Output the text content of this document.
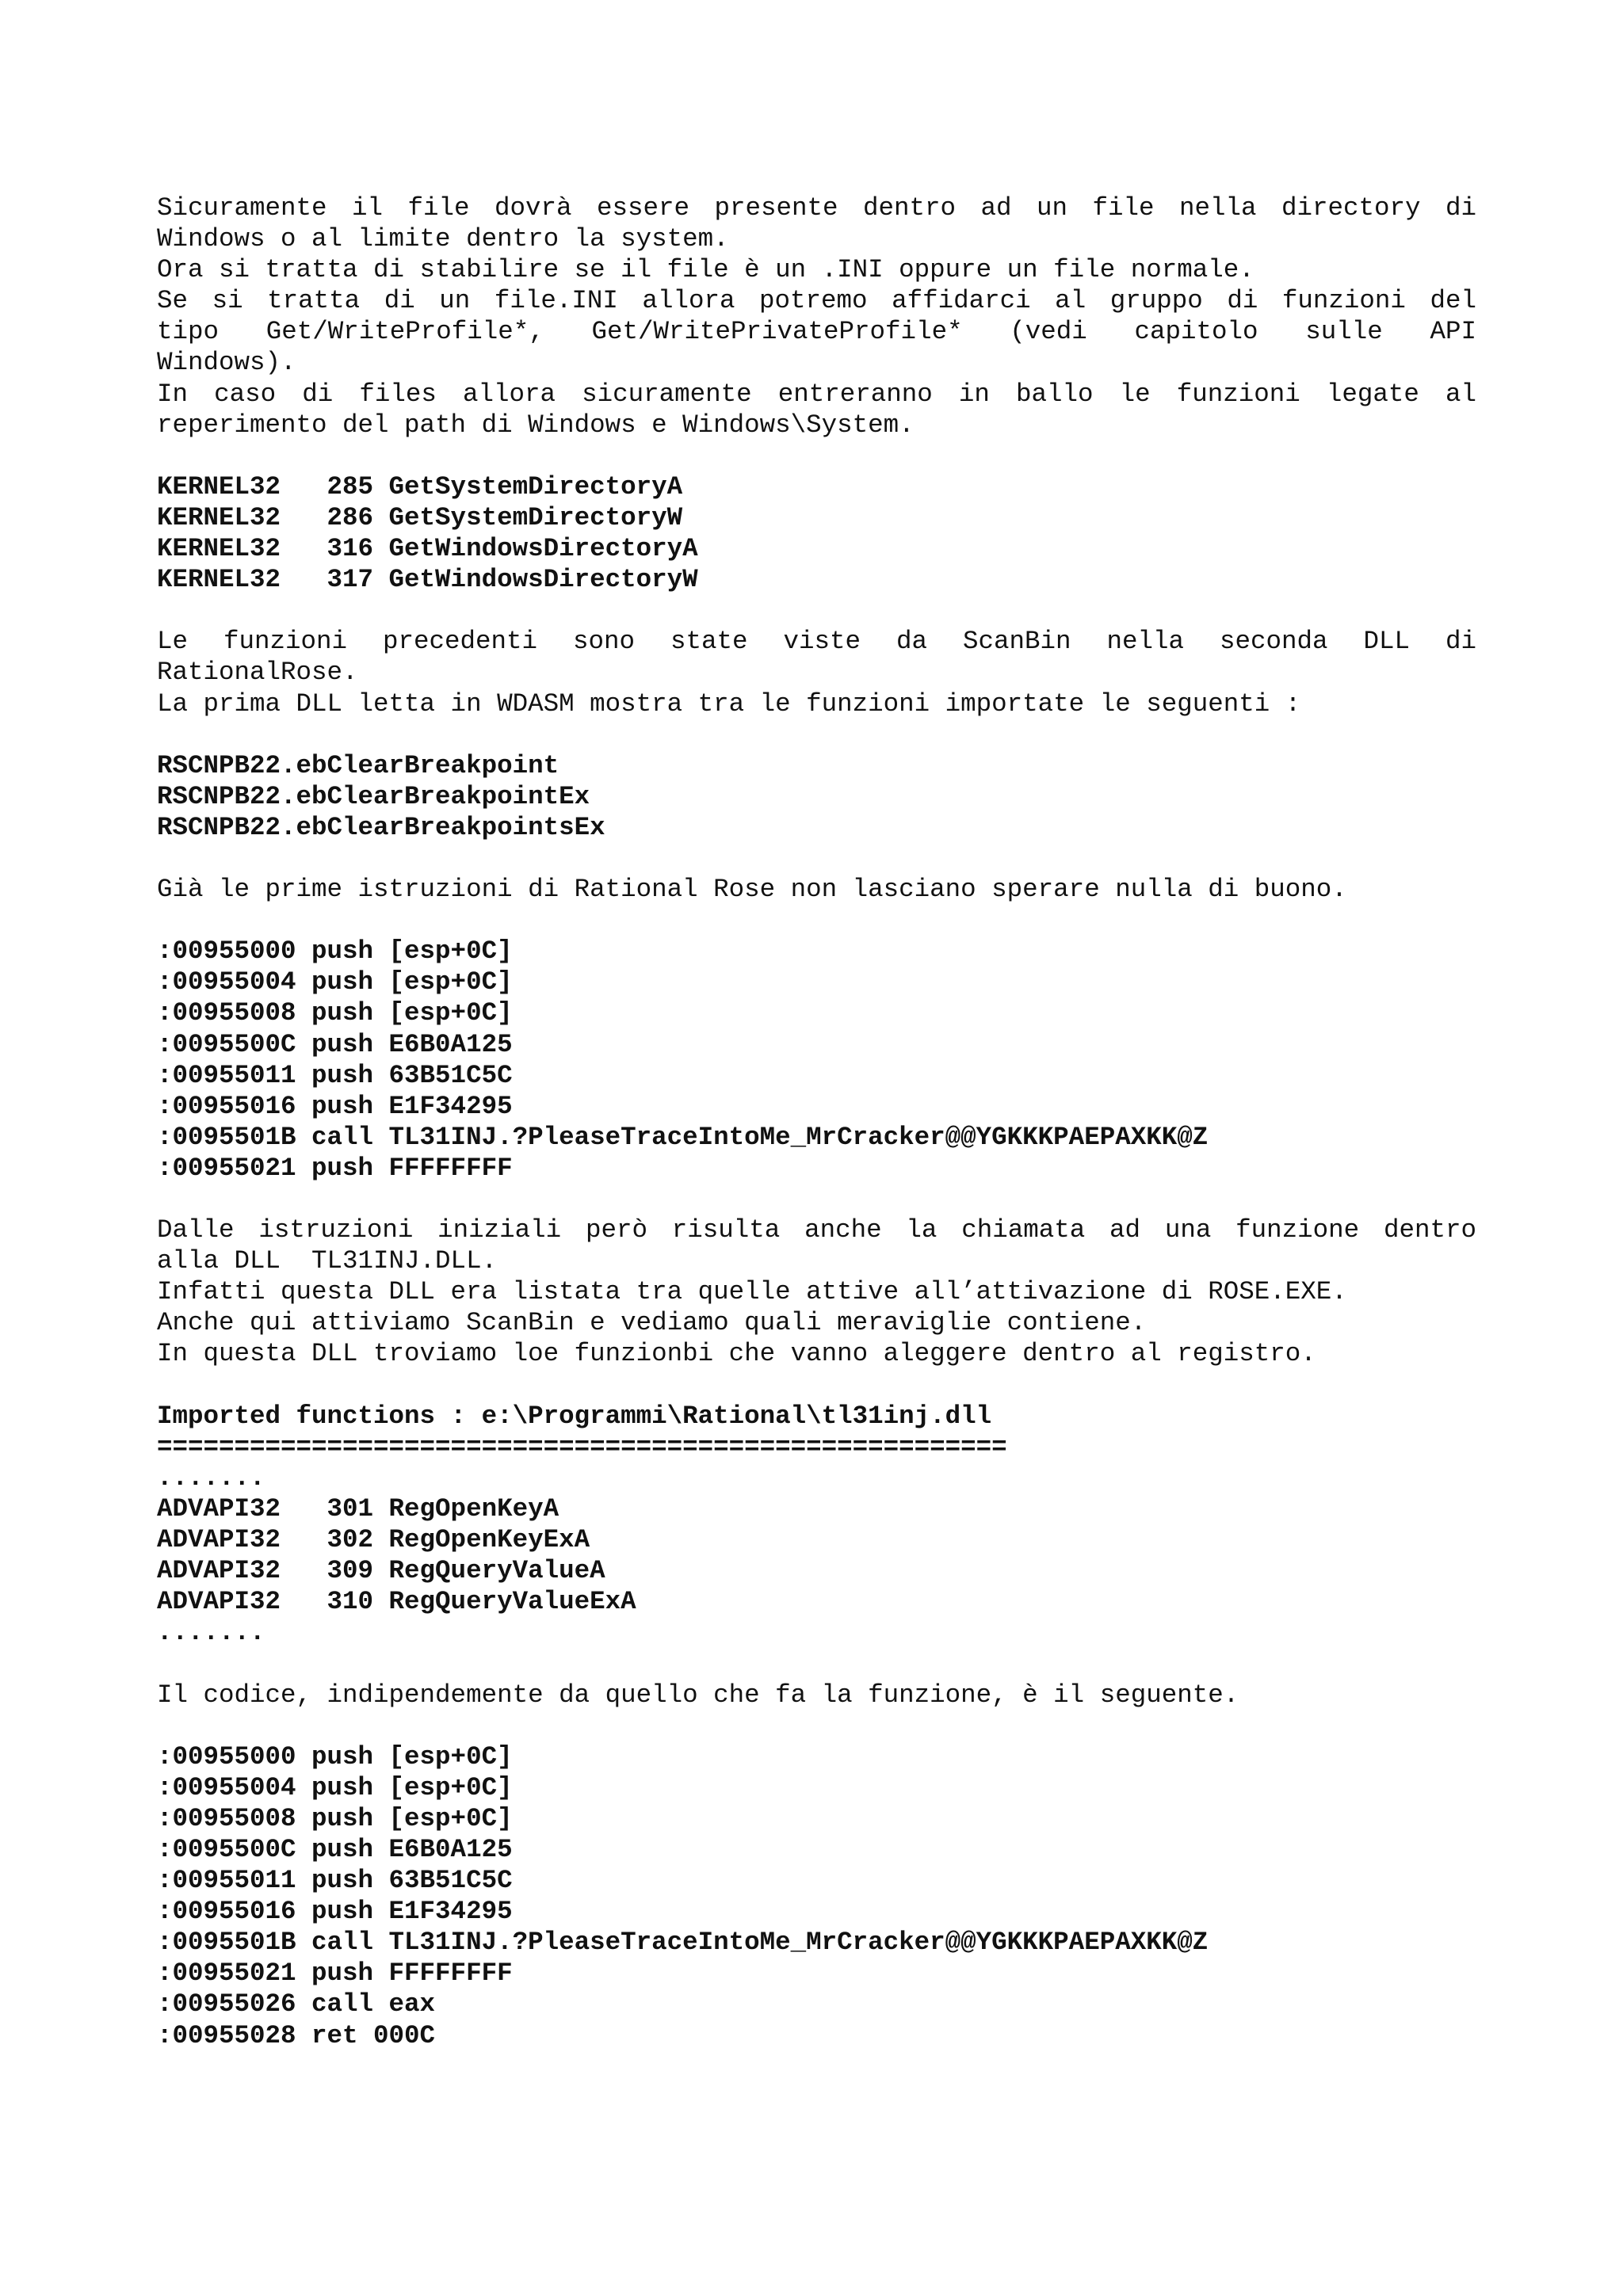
Sicuramente il file dovrà essere presente dentro ad un file nella directory di
Windows o al limite dentro la system.
Ora si tratta di stabilire se il file è un .INI oppure un file normale.
Se si tratta di un file.INI allora potremo affidarci al gruppo di funzioni del
tipo Get/WriteProfile*, Get/WritePrivateProfile* (vedi capitolo sulle API
Windows).
In caso di files allora sicuramente entreranno in ballo le funzioni legate al
reperimento del path di Windows e Windows\System.
KERNEL32   285 GetSystemDirectoryA
KERNEL32   286 GetSystemDirectoryW
KERNEL32   316 GetWindowsDirectoryA
KERNEL32   317 GetWindowsDirectoryW
Le funzioni precedenti sono state viste da ScanBin nella seconda DLL di
RationalRose.
La prima DLL letta in WDASM mostra tra le funzioni importate le seguenti :
RSCNPB22.ebClearBreakpoint
RSCNPB22.ebClearBreakpointEx
RSCNPB22.ebClearBreakpointsEx
Già le prime istruzioni di Rational Rose non lasciano sperare nulla di buono.
:00955000 push [esp+0C]
:00955004 push [esp+0C]
:00955008 push [esp+0C]
:0095500C push E6B0A125
:00955011 push 63B51C5C
:00955016 push E1F34295
:0095501B call TL31INJ.?PleaseTraceIntoMe_MrCracker@@YGKKKPAEPAXKK@Z
:00955021 push FFFFFFFF
Dalle istruzioni iniziali però risulta anche la chiamata ad una funzione dentro
alla DLL  TL31INJ.DLL.
Infatti questa DLL era listata tra quelle attive all’attivazione di ROSE.EXE.
Anche qui attiviamo ScanBin e vediamo quali meraviglie contiene.
In questa DLL troviamo loe funzionbi che vanno aleggere dentro al registro.
Imported functions : e:\Programmi\Rational\tl31inj.dll
=======================================================
.......
ADVAPI32   301 RegOpenKeyA
ADVAPI32   302 RegOpenKeyExA
ADVAPI32   309 RegQueryValueA
ADVAPI32   310 RegQueryValueExA
.......
Il codice, indipendemente da quello che fa la funzione, è il seguente.
:00955000 push [esp+0C]
:00955004 push [esp+0C]
:00955008 push [esp+0C]
:0095500C push E6B0A125
:00955011 push 63B51C5C
:00955016 push E1F34295
:0095501B call TL31INJ.?PleaseTraceIntoMe_MrCracker@@YGKKKPAEPAXKK@Z
:00955021 push FFFFFFFF
:00955026 call eax
:00955028 ret 000C
